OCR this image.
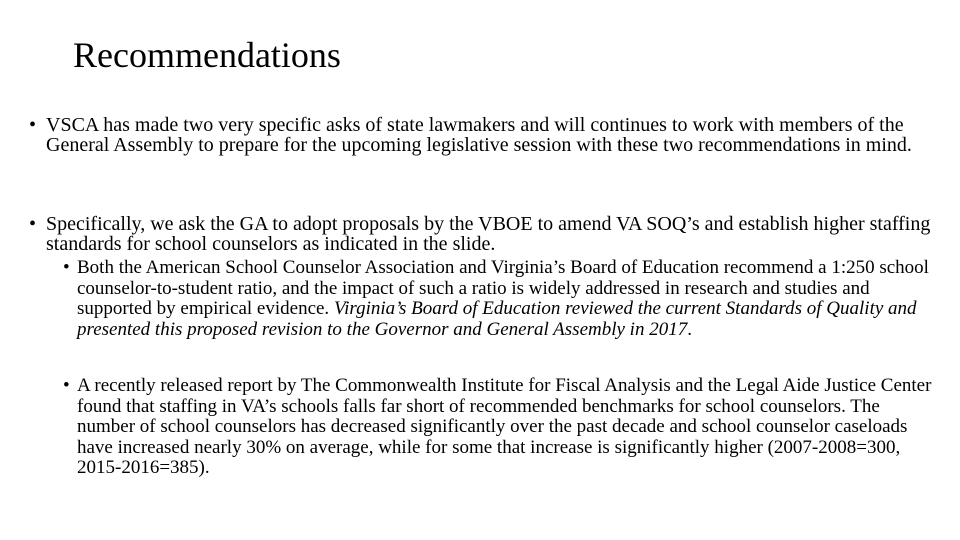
Recommendations
• VSCA has made two very specific asks of state lawmakers and will continues to work with members of the General Assembly to prepare for the upcoming legislative session with these two recommendations in mind.
• Specifically, we ask the GA to adopt proposals by the VBOE to amend VA SOQ’s and establish higher staffing standards for school counselors as indicated in the slide.
• Both the American School Counselor Association and Virginia’s Board of Education recommend a 1:250 school counselor-to-student ratio, and the impact of such a ratio is widely addressed in research and studies and supported by empirical evidence. Virginia’s Board of Education reviewed the current Standards of Quality and presented this proposed revision to the Governor and General Assembly in 2017.
• A recently released report by The Commonwealth Institute for Fiscal Analysis and the Legal Aide Justice Center found that staffing in VA’s schools falls far short of recommended benchmarks for school counselors. The number of school counselors has decreased significantly over the past decade and school counselor caseloads have increased nearly 30% on average, while for some that increase is significantly higher (2007-2008=300, 2015-2016=385).
